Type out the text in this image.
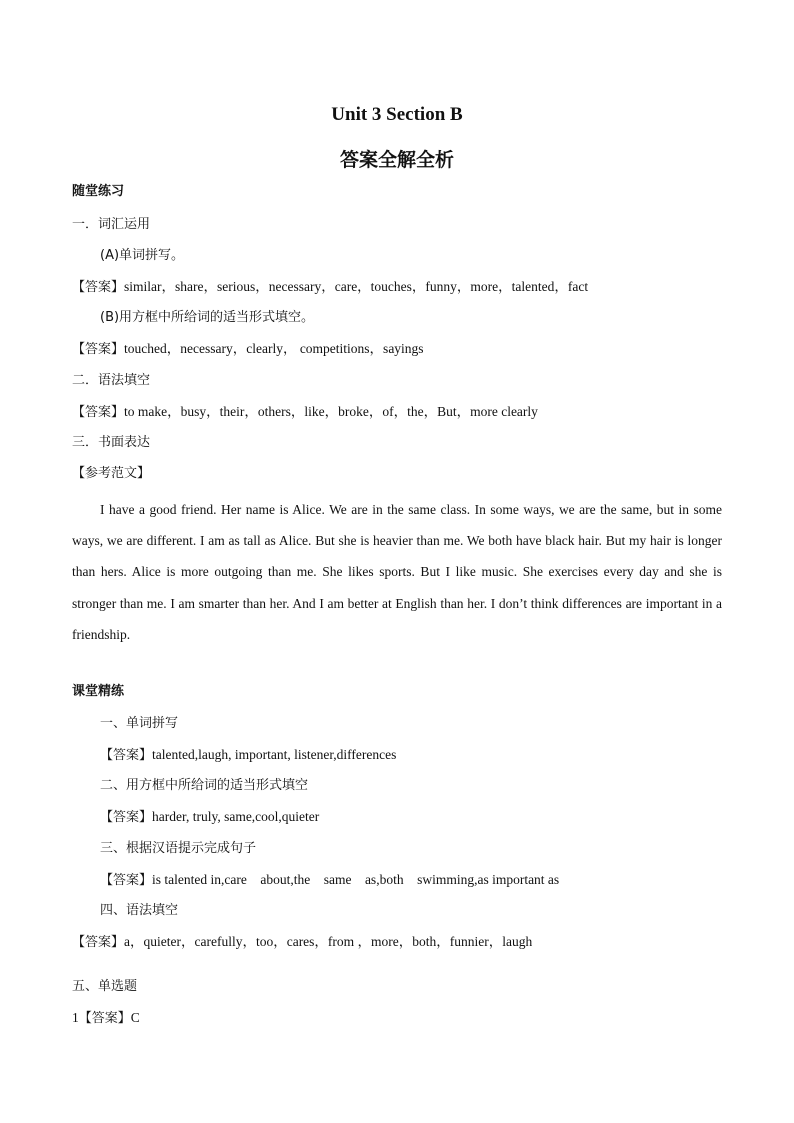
Unit 3 Section B
答案全解全析
随堂练习
一．词汇运用
(A)单词拼写。
【答案】similar，share，serious，necessary，care，touches，funny，more，talented，fact
(B)用方框中所给词的适当形式填空。
【答案】touched，necessary，clearly， competitions，sayings
二．语法填空
【答案】to make，busy，their，others，like，broke，of，the，But，more clearly
三．书面表达
【参考范文】
I have a good friend. Her name is Alice. We are in the same class. In some ways, we are the same, but in some ways, we are different. I am as tall as Alice. But she is heavier than me. We both have black hair. But my hair is longer than hers. Alice is more outgoing than me. She likes sports. But I like music. She exercises every day and she is stronger than me. I am smarter than her. And I am better at English than her. I don’t think differences are important in a friendship.
课堂精练
一、单词拼写
【答案】talented,laugh, important, listener,differences
二、用方框中所给词的适当形式填空
【答案】harder, truly, same,cool,quieter
三、根据汉语提示完成句子
【答案】is talented in,care    about,the    same    as,both    swimming,as important as
四、语法填空
【答案】a，quieter，carefully，too，cares，from ，more，both，funnier，laugh
五、单选题
1【答案】C
